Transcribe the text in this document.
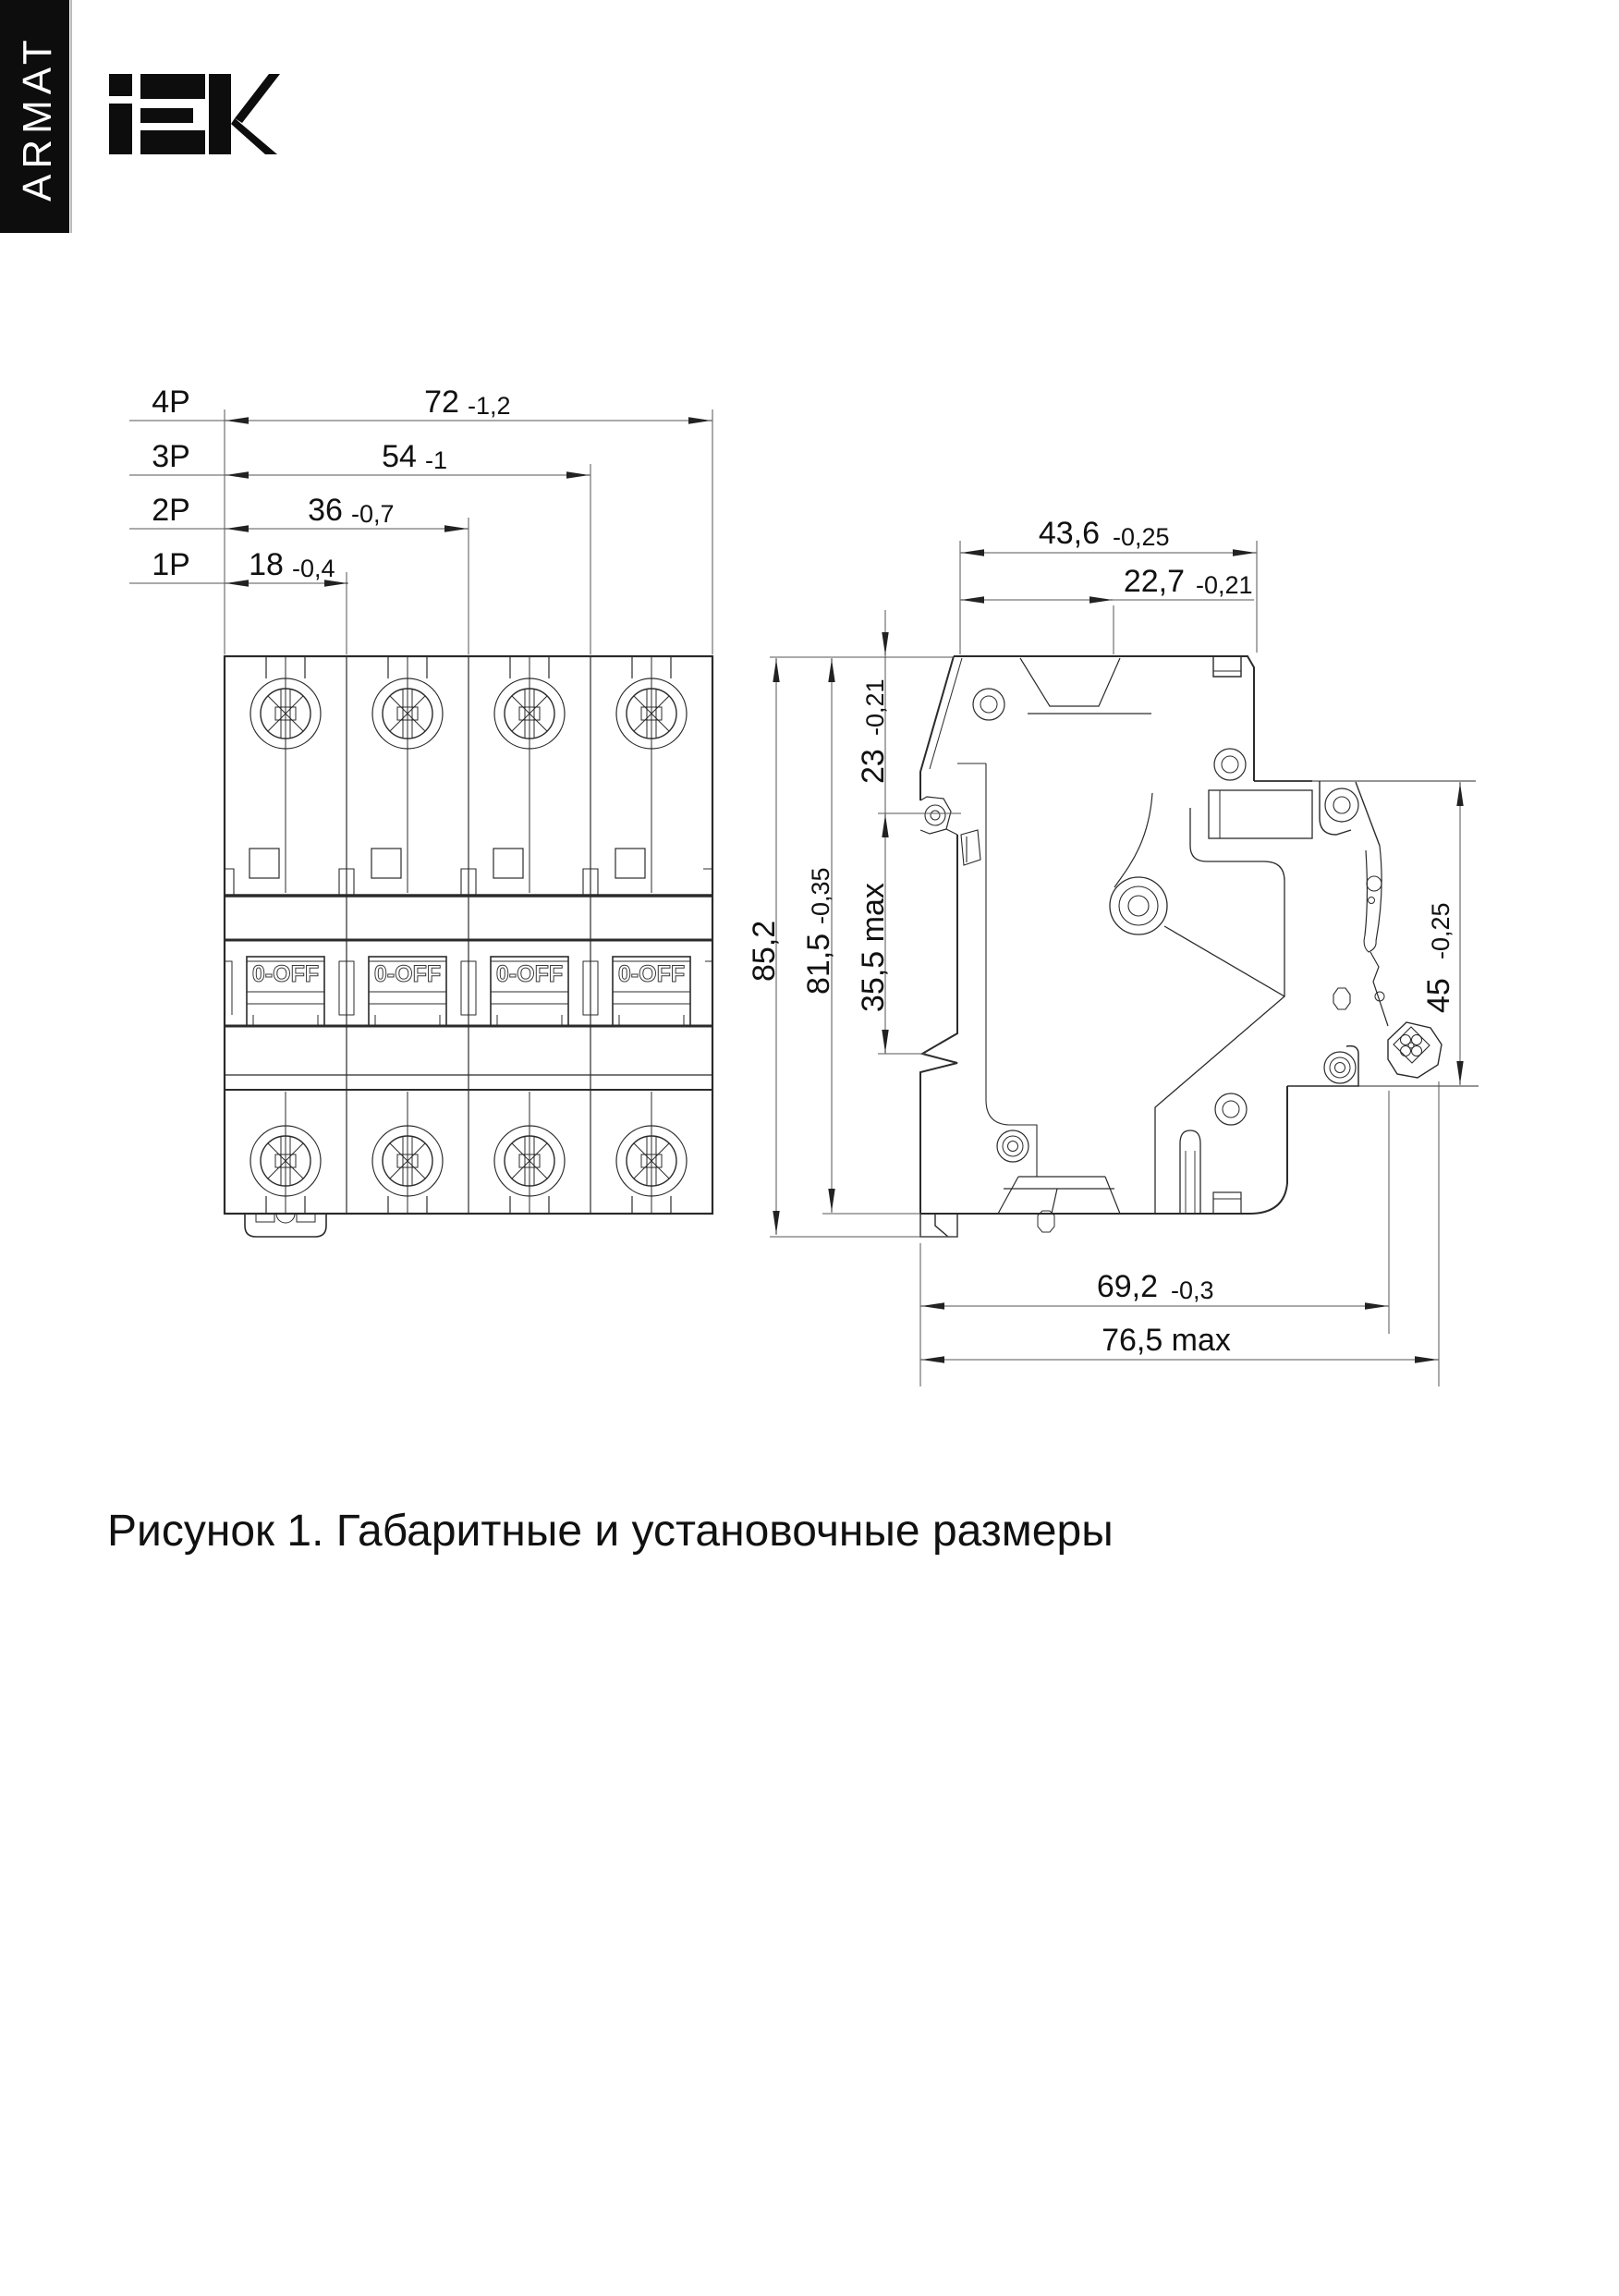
ARMAT
4P	72 -1,2
3P	54 -1
2P	36 -0,7
1P 18 -0,4
0-OFF
43,6 -0,25
22,7 -0,21
23
-0,21
35,5 max
85,2 81,5
-0,35
45
-0,25
69,2 -0,3
76,5 max
Рисунок 1. Габаритные и установочные размеры
